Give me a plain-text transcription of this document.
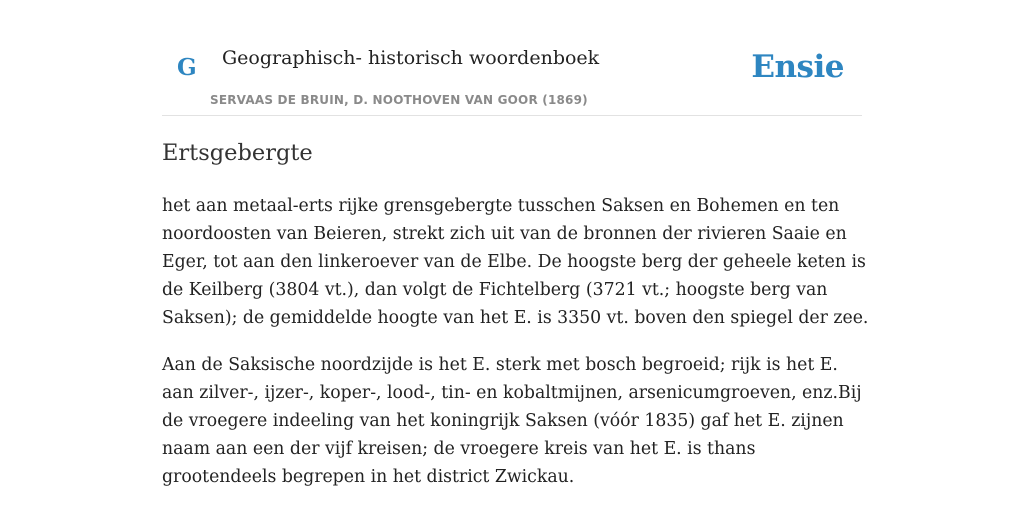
G Geographisch- historisch woordenboek
SERVAAS DE BRUIN, D. NOOTHOVEN VAN GOOR (1869)
Ensie
Ertsgebergte

het aan metaal-erts rijke grensgebergte tusschen Saksen en Bohemen en ten noordoosten van Beieren, strekt zich uit van de bronnen der rivieren Saaie en Eger, tot aan den linkeroever van de Elbe. De hoogste berg der geheele keten is de Keilberg (3804 vt.), dan volgt de Fichtelberg (3721 vt.; hoogste berg van Saksen); de gemiddelde hoogte van het E. is 3350 vt. boven den spiegel der zee.

Aan de Saksische noordzijde is het E. sterk met bosch begroeid; rijk is het E. aan zilver-, ijzer-, koper-, lood-, tin- en kobaltmijnen, arsenicumgroeven, enz.Bij de vroegere indeeling van het koningrijk Saksen (vóór 1835) gaf het E. zijnen naam aan een der vijf kreisen; de vroegere kreis van het E. is thans grootendeels begrepen in het district Zwickau.
